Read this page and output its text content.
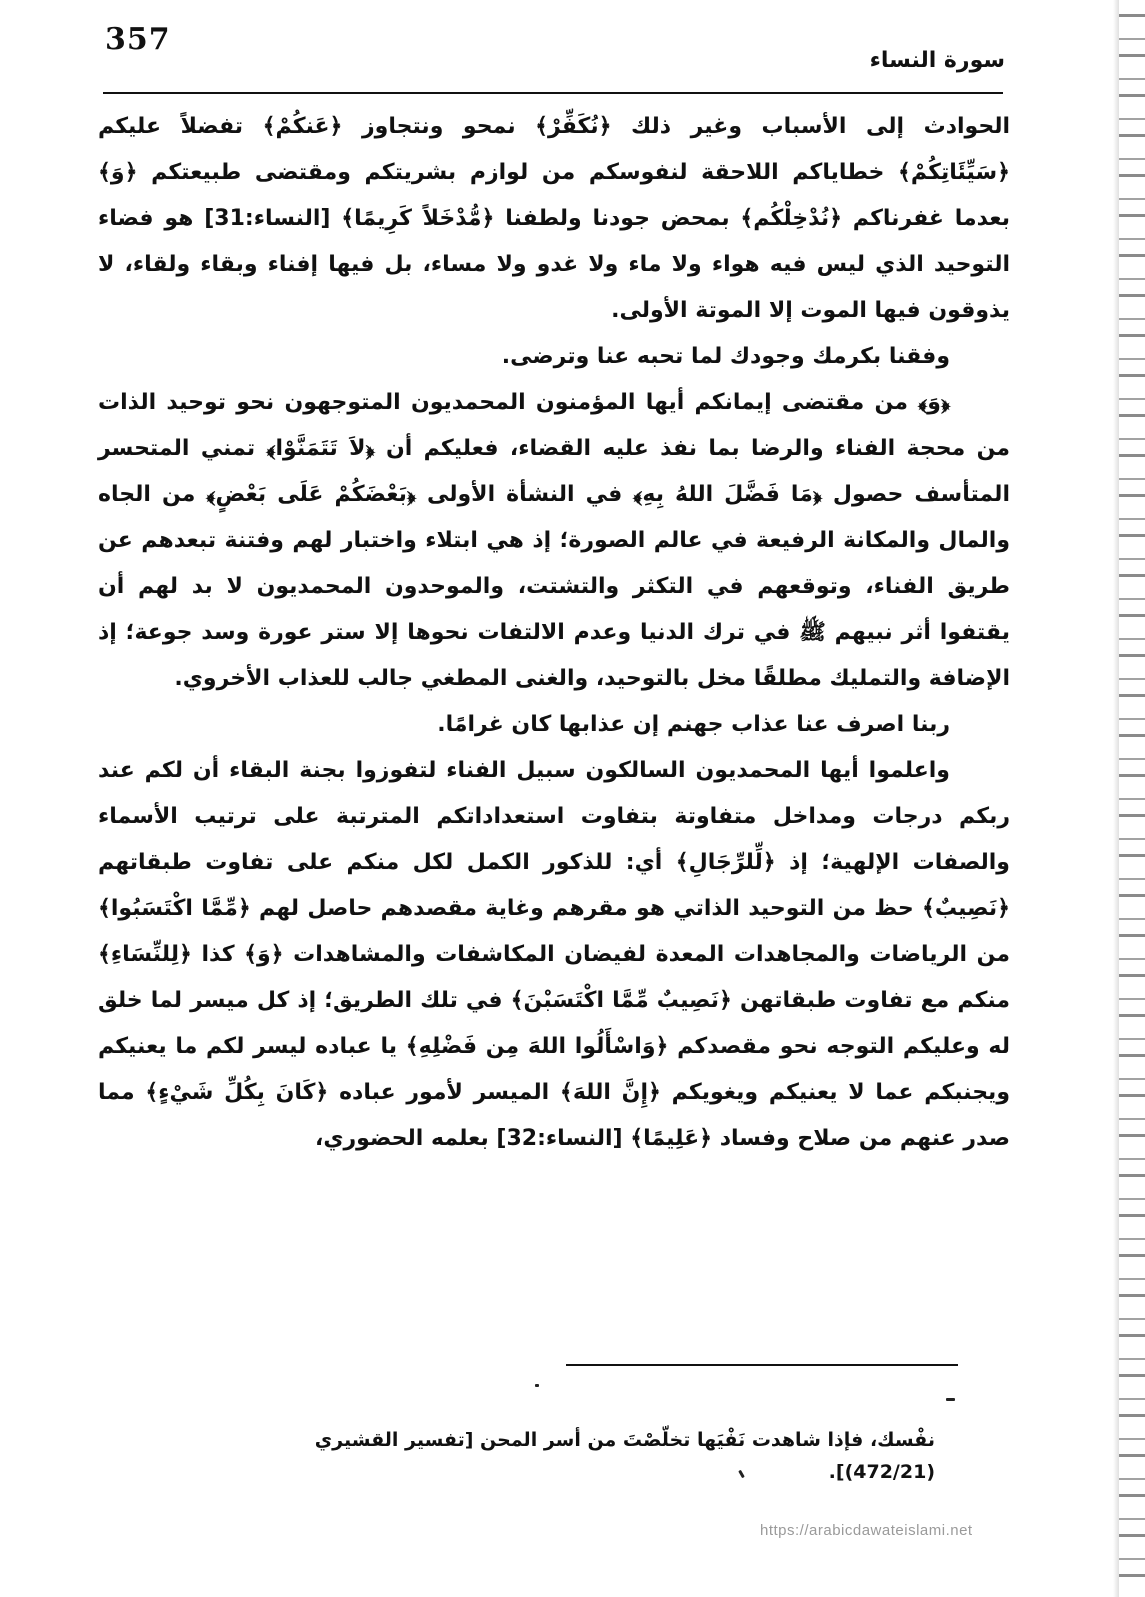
357
سورة النساء

الحوادث إلى الأسباب وغير ذلك ﴿نُكَفِّرْ﴾ نمحو ونتجاوز ﴿عَنكُمْ﴾ تفضلاً عليكم ﴿سَيِّئَاتِكُمْ﴾ خطاياكم اللاحقة لنفوسكم من لوازم بشريتكم ومقتضى طبيعتكم ﴿وَ﴾ بعدما غفرناكم ﴿نُدْخِلْكُم﴾ بمحض جودنا ولطفنا ﴿مُّدْخَلاً كَرِيمًا﴾ [النساء:31] هو فضاء التوحيد الذي ليس فيه هواء ولا ماء ولا غدو ولا مساء، بل فيها إفناء وبقاء ولقاء، لا يذوقون فيها الموت إلا الموتة الأولى.

وفقنا بكرمك وجودك لما تحبه عنا وترضى.

﴿وَ﴾ من مقتضى إيمانكم أيها المؤمنون المحمديون المتوجهون نحو توحيد الذات من محجة الفناء والرضا بما نفذ عليه القضاء، فعليكم أن ﴿لاَ تَتَمَنَّوْا﴾ تمني المتحسر المتأسف حصول ﴿مَا فَضَّلَ اللهُ بِهِ﴾ في النشأة الأولى ﴿بَعْضَكُمْ عَلَى بَعْضٍ﴾ من الجاه والمال والمكانة الرفيعة في عالم الصورة؛ إذ هي ابتلاء واختبار لهم وفتنة تبعدهم عن طريق الفناء، وتوقعهم في التكثر والتشتت، والموحدون المحمديون لا بد لهم أن يقتفوا أثر نبيهم ﷺ في ترك الدنيا وعدم الالتفات نحوها إلا ستر عورة وسد جوعة؛ إذ الإضافة والتمليك مطلقًا مخل بالتوحيد، والغنى المطغي جالب للعذاب الأخروي.

ربنا اصرف عنا عذاب جهنم إن عذابها كان غرامًا.

واعلموا أيها المحمديون السالكون سبيل الفناء لتفوزوا بجنة البقاء أن لكم عند ربكم درجات ومداخل متفاوتة بتفاوت استعداداتكم المترتبة على ترتيب الأسماء والصفات الإلهية؛ إذ ﴿لِّلرِّجَالِ﴾ أي: للذكور الكمل لكل منكم على تفاوت طبقاتهم ﴿نَصِيبٌ﴾ حظ من التوحيد الذاتي هو مقرهم وغاية مقصدهم حاصل لهم ﴿مِّمَّا اكْتَسَبُوا﴾ من الرياضات والمجاهدات المعدة لفيضان المكاشفات والمشاهدات ﴿وَ﴾ كذا ﴿لِلنِّسَاءِ﴾ منكم مع تفاوت طبقاتهن ﴿نَصِيبٌ مِّمَّا اكْتَسَبْنَ﴾ في تلك الطريق؛ إذ كل ميسر لما خلق له وعليكم التوجه نحو مقصدكم ﴿وَاسْأَلُوا اللهَ مِن فَضْلِهِ﴾ يا عباده ليسر لكم ما يعنيكم ويجنبكم عما لا يعنيكم ويغويكم ﴿إِنَّ اللهَ﴾ الميسر لأمور عباده ﴿كَانَ بِكُلِّ شَيْءٍ﴾ مما صدر عنهم من صلاح وفساد ﴿عَلِيمًا﴾ [النساء:32] بعلمه الحضوري،

نفْسك، فإذا شاهدت نَفْيَها تخلّصْتَ من أسر المحن [تفسير القشيري (472/21)].
https://arabicdawateislami.net
